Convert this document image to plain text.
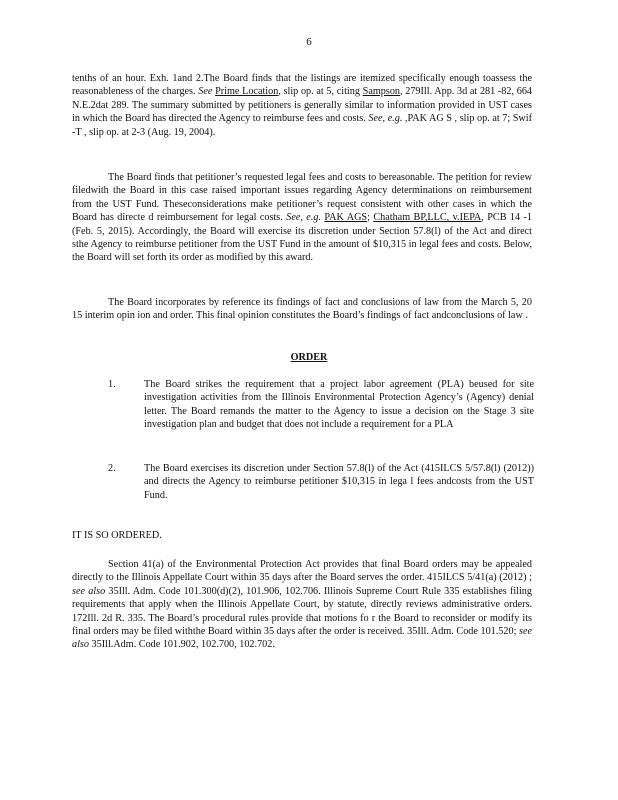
6

tenths of an hour. Exh. 1and 2.The Board finds that the listings are itemized specifically enough toassess the reasonableness of the charges. See Prime Location, slip op. at 5, citing Sampson, 279Ill. App. 3d at 281 -82, 664 N.E.2dat 289. The summary submitted by petitioners is generally similar to information provided in UST cases in which the Board has directed the Agency to reimburse fees and costs. See, e.g. ,PAK AG S , slip op. at 7; Swif -T , slip op. at 2-3 (Aug. 19, 2004).

The Board finds that petitioner’s requested legal fees and costs to bereasonable. The petition for review filedwith the Board in this case raised important issues regarding Agency determinations on reimbursement from the UST Fund. Theseconsiderations make petitioner’s request consistent with other cases in which the Board has directe d reimbursement for legal costs. See, e.g. PAK AGS; Chatham BP,LLC, v.IEPA, PCB 14 -1 (Feb. 5, 2015). Accordingly, the Board will exercise its discretion under Section 57.8(l) of the Act and direct sthe Agency to reimburse petitioner from the UST Fund in the amount of $10,315 in legal fees and costs. Below, the Board will set forth its order as modified by this award.

The Board incorporates by reference its findings of fact and conclusions of law from the March 5, 20 15 interim opin ion and order. This final opinion constitutes the Board’s findings of fact andconclusions of law .

ORDER
1.	The Board strikes the requirement that a project labor agreement (PLA) beused for site investigation activities from the Illinois Environmental Protection Agency’s (Agency) denial letter. The Board remands the matter to the Agency to issue a decision on the Stage 3 site investigation plan and budget that does not include a requirement for a PLA

2.	The Board exercises its discretion under Section 57.8(l) of the Act (415ILCS 5/57.8(l) (2012)) and directs the Agency to reimburse petitioner $10,315 in lega l fees andcosts from the UST Fund.

IT IS SO ORDERED.

Section 41(a) of the Environmental Protection Act provides that final Board orders may be appealed directly to the Illinois Appellate Court within 35 days after the Board serves the order. 415ILCS 5/41(a) (2012) ; see also 35Ill. Adm. Code 101.300(d)(2), 101.906, 102.706. Illinois Supreme Court Rule 335 establishes filing requirements that apply when the Illinois Appellate Court, by statute, directly reviews administrative orders. 172Ill. 2d R. 335. The Board’s procedural rules provide that motions fo r the Board to reconsider or modify its final orders may be filed withthe Board within 35 days after the order is received. 35Ill. Adm. Code 101.520; see also 35Ill.Adm. Code 101.902, 102.700, 102.702.
